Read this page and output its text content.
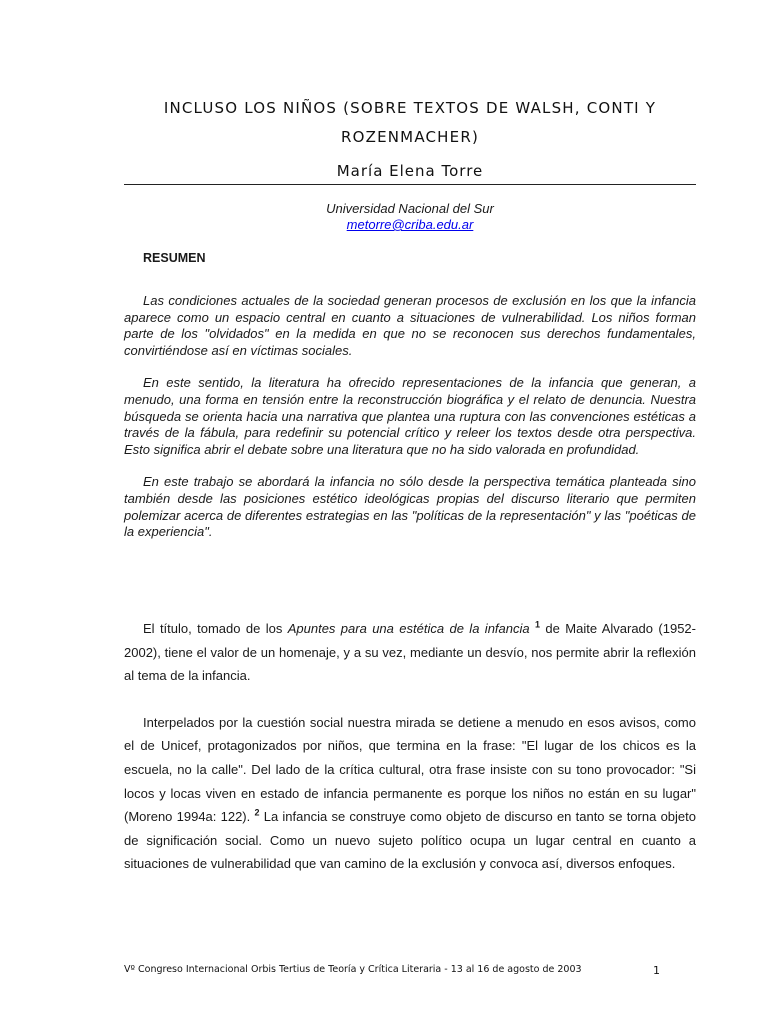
INCLUSO LOS NIÑOS (SOBRE TEXTOS DE WALSH, CONTI Y ROZENMACHER)
María Elena Torre
Universidad Nacional del Sur
metorre@criba.edu.ar
RESUMEN

Las condiciones actuales de la sociedad generan procesos de exclusión en los que la infancia aparece como un espacio central en cuanto a situaciones de vulnerabilidad. Los niños forman parte de los "olvidados" en la medida en que no se reconocen sus derechos fundamentales, convirtiéndose así en víctimas sociales.

En este sentido, la literatura ha ofrecido representaciones de la infancia que generan, a menudo, una forma en tensión entre la reconstrucción biográfica y el relato de denuncia. Nuestra búsqueda se orienta hacia una narrativa que plantea una ruptura con las convenciones estéticas a través de la fábula, para redefinir su potencial crítico y releer los textos desde otra perspectiva. Esto significa abrir el debate sobre una literatura que no ha sido valorada en profundidad.

En este trabajo se abordará la infancia no sólo desde la perspectiva temática planteada sino también desde las posiciones estético ideológicas propias del discurso literario que permiten polemizar acerca de diferentes estrategias en las "políticas de la representación" y las "poéticas de la experiencia".

El título, tomado de los Apuntes para una estética de la infancia $^1$ de Maite Alvarado (1952-2002), tiene el valor de un homenaje, y a su vez, mediante un desvío, nos permite abrir la reflexión al tema de la infancia.

Interpelados por la cuestión social nuestra mirada se detiene a menudo en esos avisos, como el de Unicef, protagonizados por niños, que termina en la frase: "El lugar de los chicos es la escuela, no la calle". Del lado de la crítica cultural, otra frase insiste con su tono provocador: "Si locos y locas viven en estado de infancia permanente es porque los niños no están en su lugar" (Moreno 1994a: 122). $^2$ La infancia se construye como objeto de discurso en tanto se torna objeto de significación social. Como un nuevo sujeto político ocupa un lugar central en cuanto a situaciones de vulnerabilidad que van camino de la exclusión y convoca así, diversos enfoques.

Vº Congreso Internacional Orbis Tertius de Teoría y Crítica Literaria - 13 al 16 de agosto de 2003	1
